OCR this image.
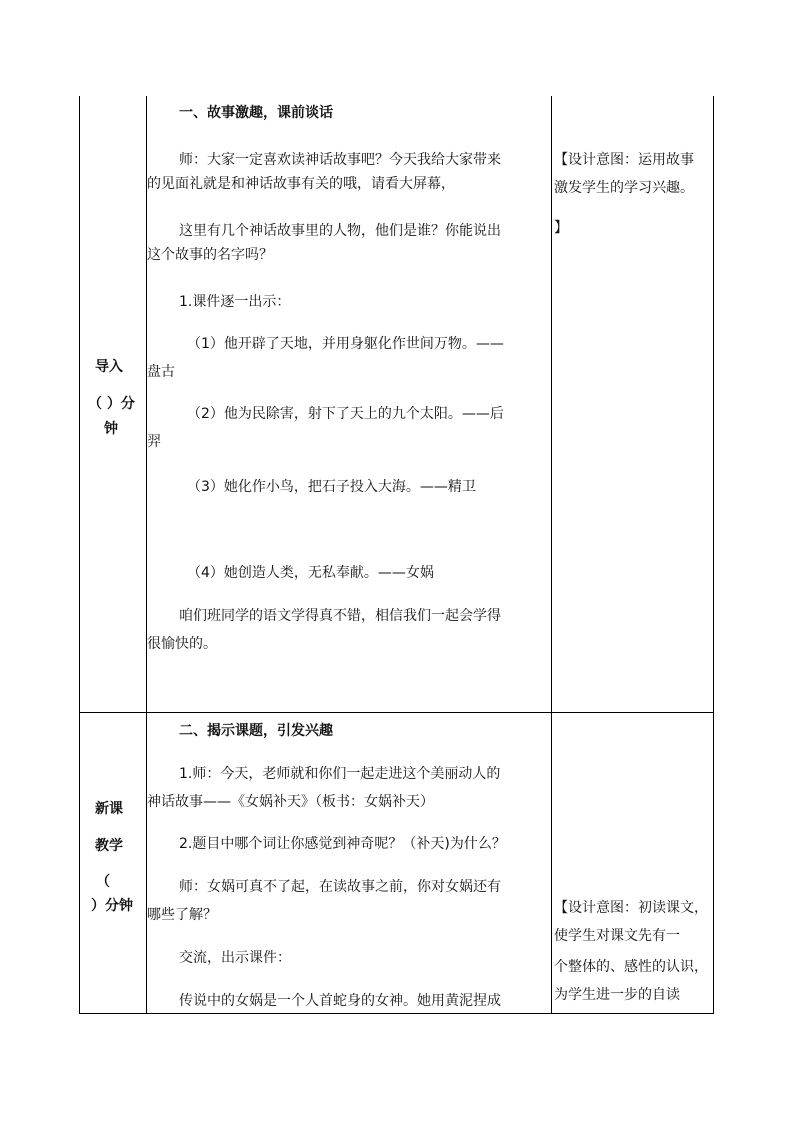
导入
（ ）分
钟
一、故事激趣，课前谈话
师：大家一定喜欢读神话故事吧？今天我给大家带来
的见面礼就是和神话故事有关的哦，请看大屏幕，
这里有几个神话故事里的人物，他们是谁？你能说出
这个故事的名字吗？
1.课件逐一出示：
（1）他开辟了天地，并用身躯化作世间万物。——
盘古
（2）他为民除害，射下了天上的九个太阳。——后
羿
（3）她化作小鸟，把石子投入大海。——精卫
（4）她创造人类，无私奉献。——女娲
咱们班同学的语文学得真不错，相信我们一起会学得
很愉快的。
【设计意图：运用故事
激发学生的学习兴趣。
】
新课
教学
（
）分钟
二、揭示课题，引发兴趣
1.师：今天，老师就和你们一起走进这个美丽动人的
神话故事——《女娲补天》（板书：女娲补天）
2.题目中哪个词让你感觉到神奇呢？（补天)为什么？
师：女娲可真不了起，在读故事之前，你对女娲还有
哪些了解？
交流，出示课件：
传说中的女娲是一个人首蛇身的女神。她用黄泥捏成
【设计意图：初读课文，
使学生对课文先有一
个整体的、感性的认识，
为学生进一步的自读
